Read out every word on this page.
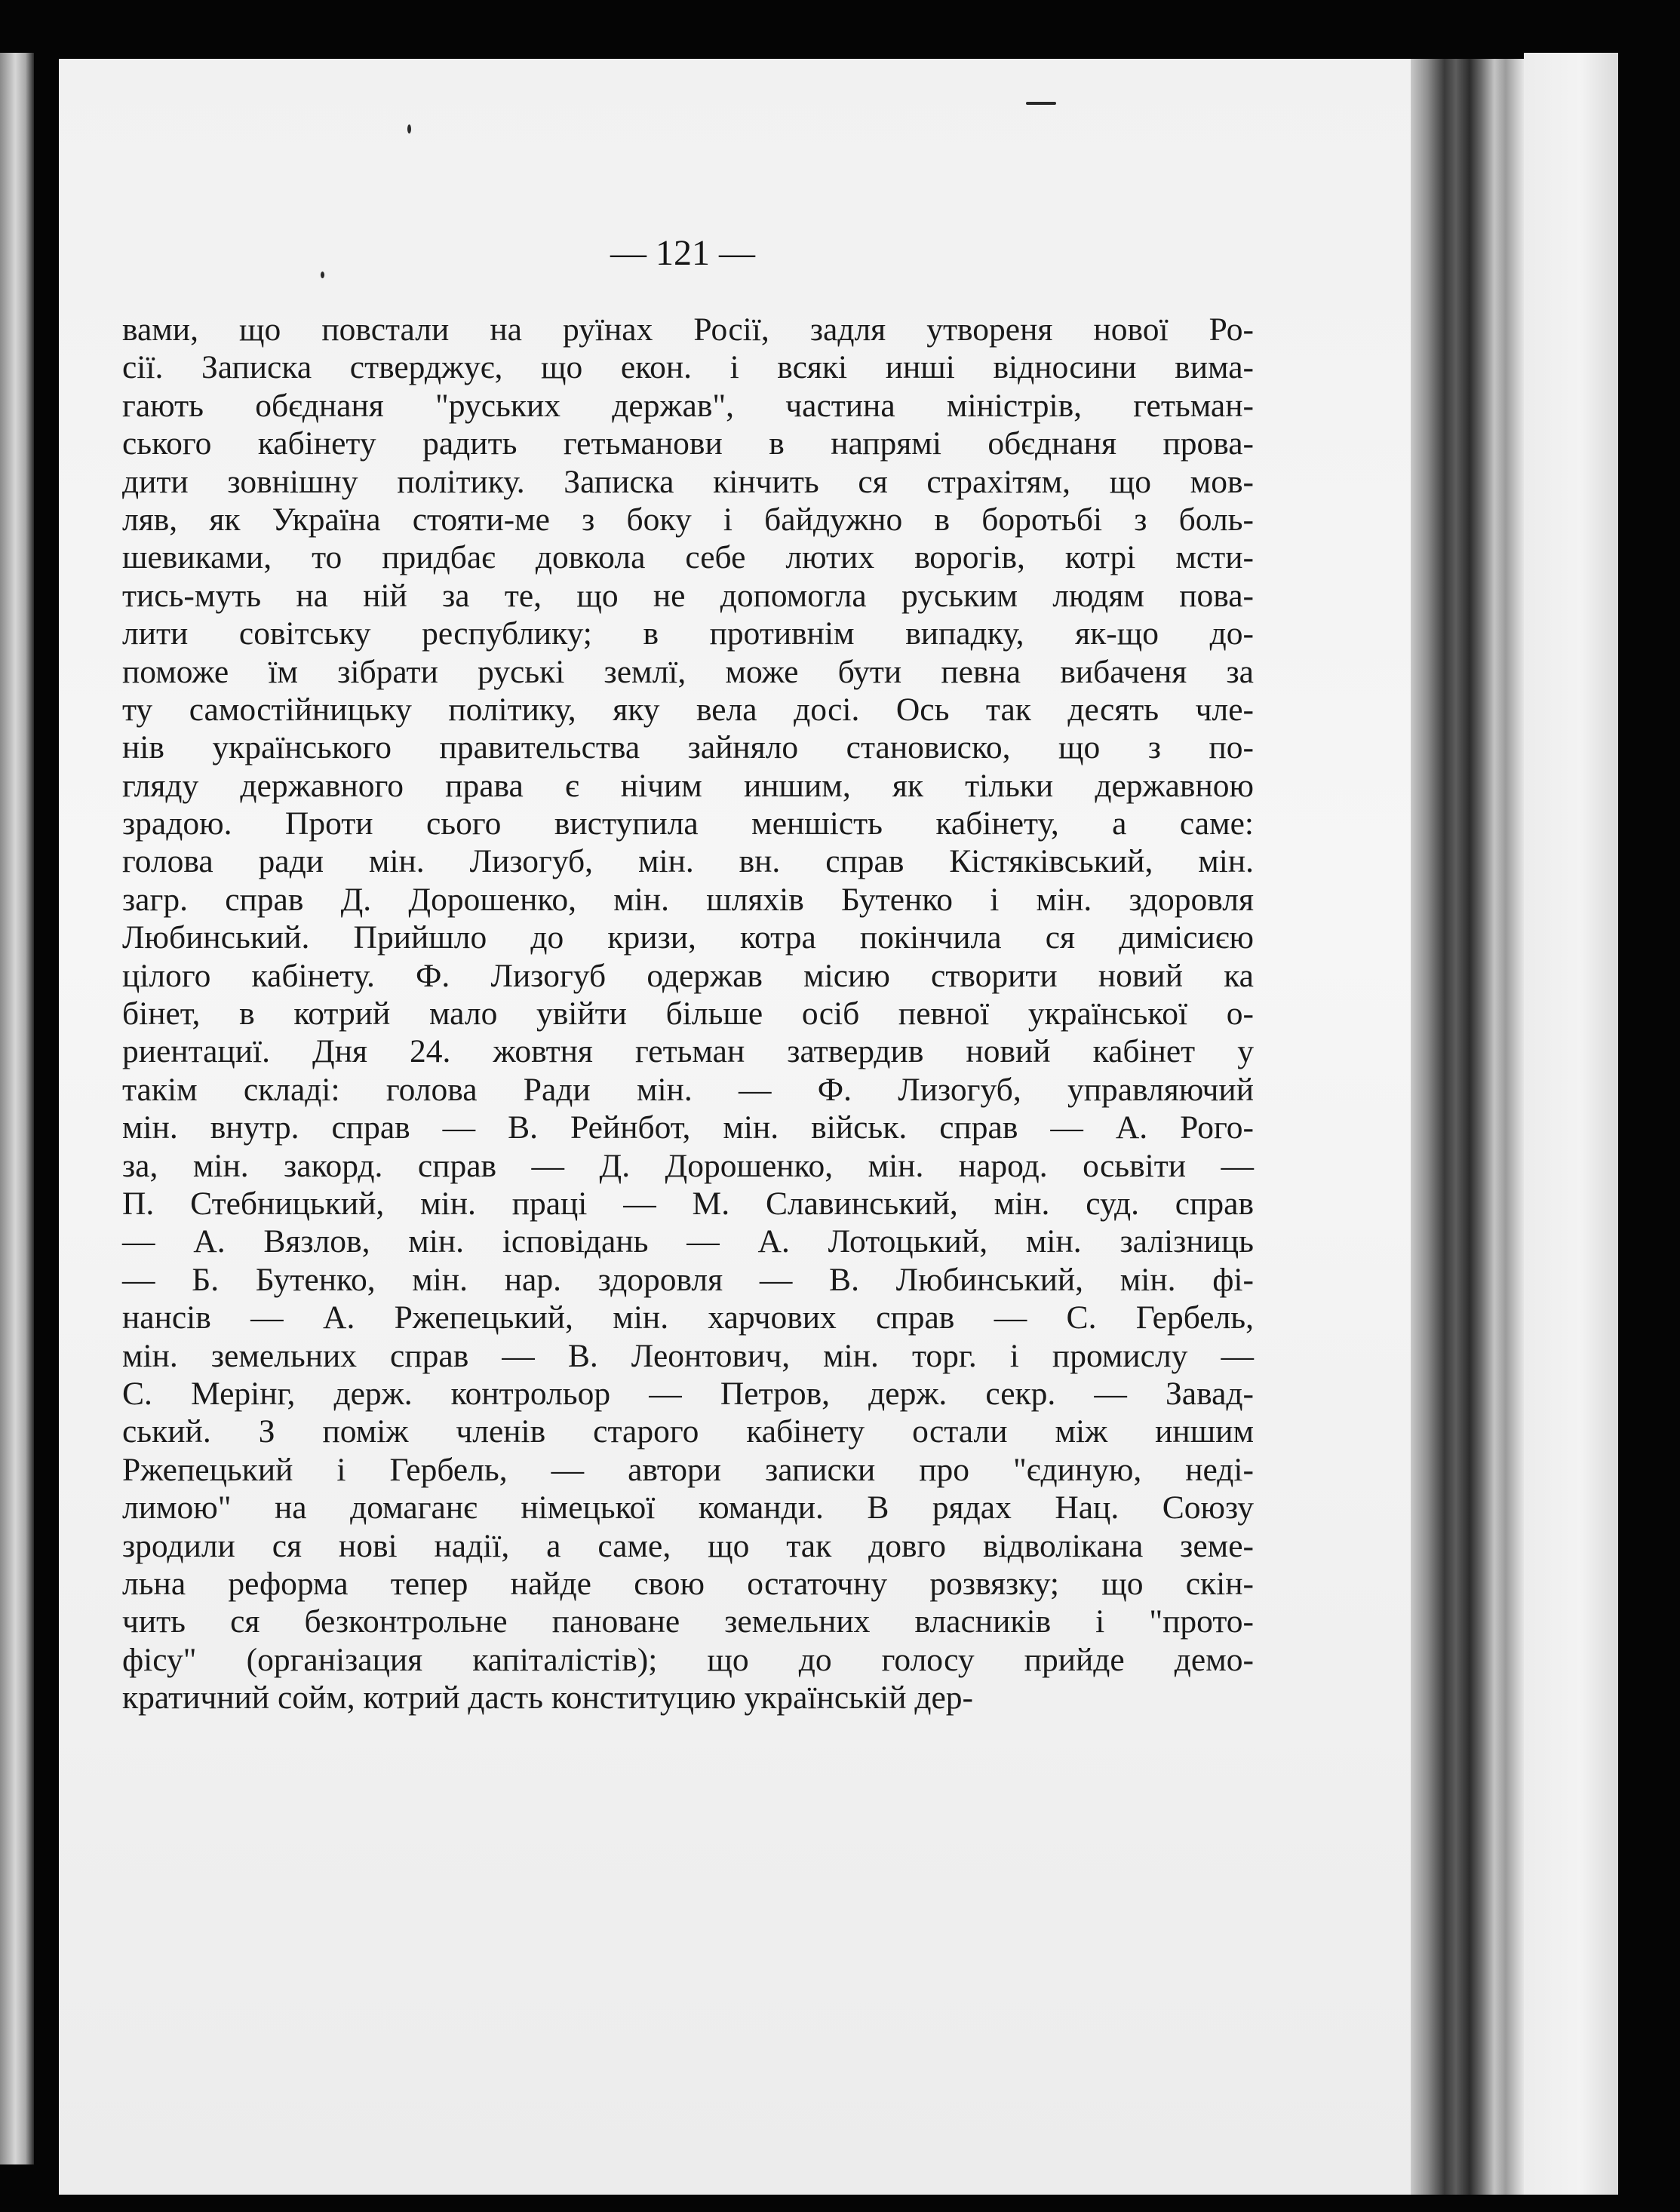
— 121 —
вами, що повстали на руїнах Росії, задля утвореня нової Ро-
сії. Записка стверджує, що екон. і всякі инші відносини вима-
гають обєднаня "руських держав", частина міністрів, гетьман-
ського кабінету радить гетьманови в напрямі обєднаня прова-
дити зовнішну політику. Записка кінчить ся страхітям, що мов-
ляв, як Україна стояти-ме з боку і байдужно в боротьбі з боль-
шевиками, то придбає довкола себе лютих ворогів, котрі мсти-
тись-муть на ній за те, що не допомогла руським людям пова-
лити совітську республику; в противнім випадку, як-що до-
поможе їм зібрати руські землї, може бути певна вибаченя за
ту самостійницьку політику, яку вела досі. Ось так десять чле-
нів українського правительства зайняло становиско, що з по-
гляду державного права є нічим иншим, як тільки державною
зрадою. Проти сього виступила меншість кабінету, а саме:
голова ради мін. Лизогуб, мін. вн. справ Кістяківський, мін.
загр. справ Д. Дорошенко, мін. шляхів Бутенко і мін. здоровля
Любинський. Прийшло до кризи, котра покінчила ся димісиєю
цілого кабінету. Ф. Лизогуб одержав місию створити новий ка
бінет, в котрий мало увійти більше осіб певної української о-
риентациї. Дня 24. жовтня гетьман затвердив новий кабінет у
такім складі: голова Ради мін. — Ф. Лизогуб, управляючий
мін. внутр. справ — В. Рейнбот, мін. військ. справ — А. Рого-
за, мін. закорд. справ — Д. Дорошенко, мін. народ. осьвіти —
П. Стебницький, мін. праці — М. Славинський, мін. суд. справ
— А. Вязлов, мін. ісповідань — А. Лотоцький, мін. залізниць
— Б. Бутенко, мін. нар. здоровля — В. Любинський, мін. фі-
нансів — А. Ржепецький, мін. харчових справ — С. Гербель,
мін. земельних справ — В. Леонтович, мін. торг. і промислу —
С. Мерінг, держ. контрольор — Петров, держ. секр. — Завад-
ський. З поміж членів старого кабінету остали між иншим
Ржепецький і Гербель, — автори записки про "єдиную, неді-
лимою" на домаганє німецької команди. В рядах Нац. Союзу
зродили ся нові надії, а саме, що так довго відволікана земе-
льна реформа тепер найде свою остаточну розвязку; що скін-
чить ся безконтрольне пановане земельних власників і "прото-
фісу" (організация капіталістів); що до голосу прийде демо-
кратичний сойм, котрий дасть конституцию українській дер-
